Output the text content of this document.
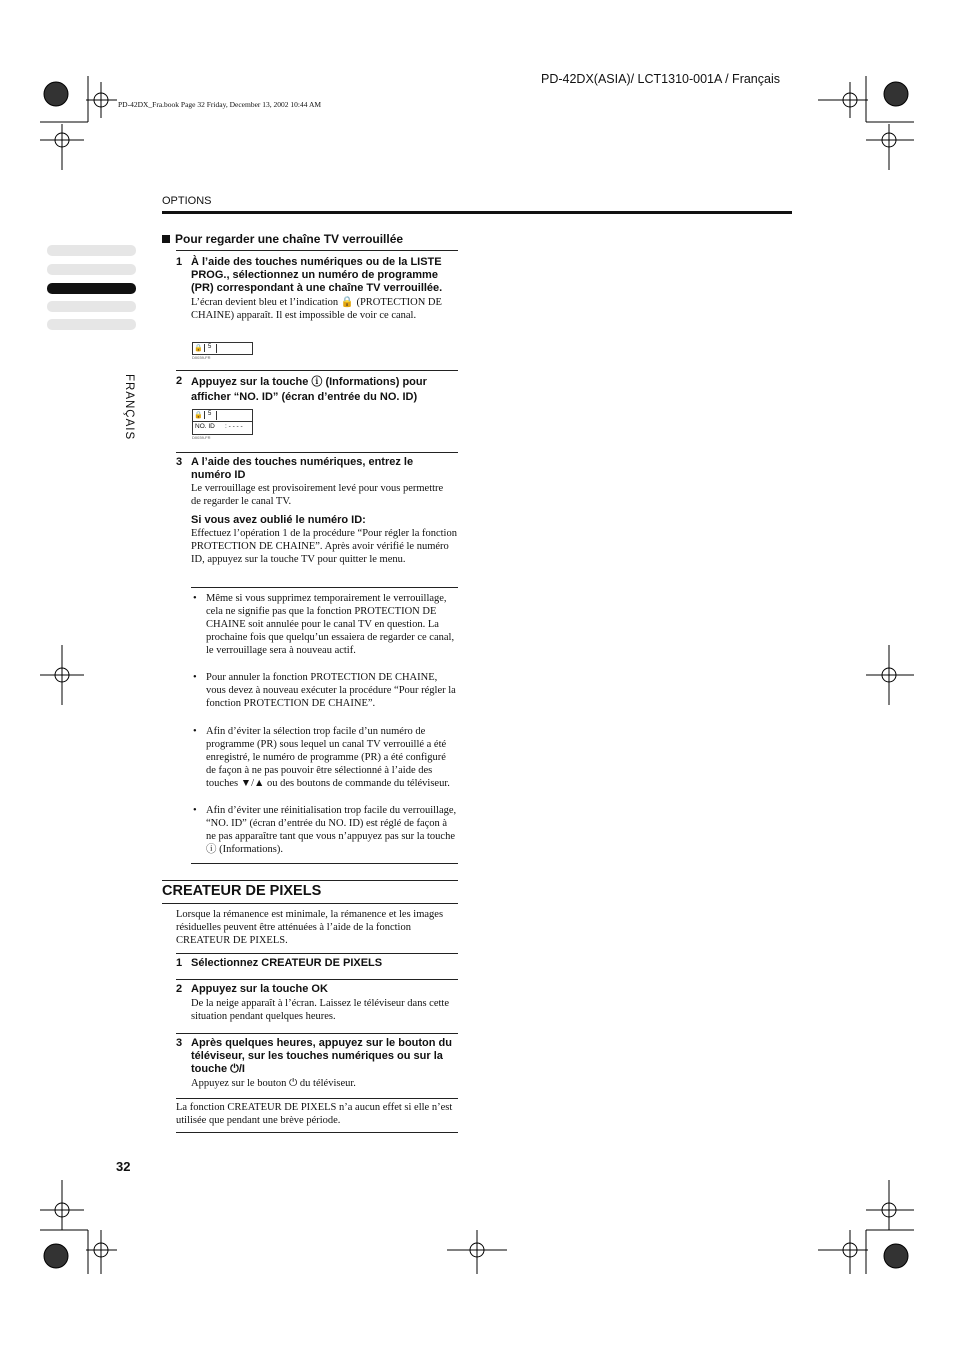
PD-42DX(ASIA)/ LCT1310-001A / Français
PD-42DX_Fra.book Page 32 Friday, December 13, 2002 10:44 AM
OPTIONS
FRANÇAIS
Pour regarder une chaîne TV verrouillée
1 À l’aide des touches numériques ou de la LISTE PROG., sélectionnez un numéro de programme (PR) correspondant à une chaîne TV verrouillée.
L’écran devient bleu et l’indication 🔒 (PROTECTION DE CHAINE) apparaît. Il est impossible de voir ce canal.
🔒 5
D0039-FR
2 Appuyez sur la touche ⓘ (Informations) pour afficher “NO. ID” (écran d’entrée du NO. ID)
🔒 5
NO. ID : - - - -
D0039-FR
3 A l’aide des touches numériques, entrez le numéro ID
Le verrouillage est provisoirement levé pour vous permettre de regarder le canal TV.
Si vous avez oublié le numéro ID:
Effectuez l’opération 1 de la procédure “Pour régler la fonction PROTECTION DE CHAINE”. Après avoir vérifié le numéro ID, appuyez sur la touche TV pour quitter le menu.
• Même si vous supprimez temporairement le verrouillage, cela ne signifie pas que la fonction PROTECTION DE CHAINE soit annulée pour le canal TV en question. La prochaine fois que quelqu’un essaiera de regarder ce canal, le verrouillage sera à nouveau actif.
• Pour annuler la fonction PROTECTION DE CHAINE, vous devez à nouveau exécuter la procédure “Pour régler la fonction PROTECTION DE CHAINE”.
• Afin d’éviter la sélection trop facile d’un numéro de programme (PR) sous lequel un canal TV verrouillé a été enregistré, le numéro de programme (PR) a été configuré de façon à ne pas pouvoir être sélectionné à l’aide des touches ▼/▲ ou des boutons de commande du téléviseur.
• Afin d’éviter une réinitialisation trop facile du verrouillage, “NO. ID” (écran d’entrée du NO. ID) est réglé de façon à ne pas apparaître tant que vous n’appuyez pas sur la touche ⓘ (Informations).
CREATEUR DE PIXELS
Lorsque la rémanence est minimale, la rémanence et les images résiduelles peuvent être atténuées à l’aide de la fonction CREATEUR DE PIXELS.
1 Sélectionnez CREATEUR DE PIXELS
2 Appuyez sur la touche OK
De la neige apparaît à l’écran. Laissez le téléviseur dans cette situation pendant quelques heures.
3 Après quelques heures, appuyez sur le bouton du téléviseur, sur les touches numériques ou sur la touche ⏻/I
Appuyez sur le bouton ⏻ du téléviseur.
La fonction CREATEUR DE PIXELS n’a aucun effet si elle n’est utilisée que pendant une brève période.
32
